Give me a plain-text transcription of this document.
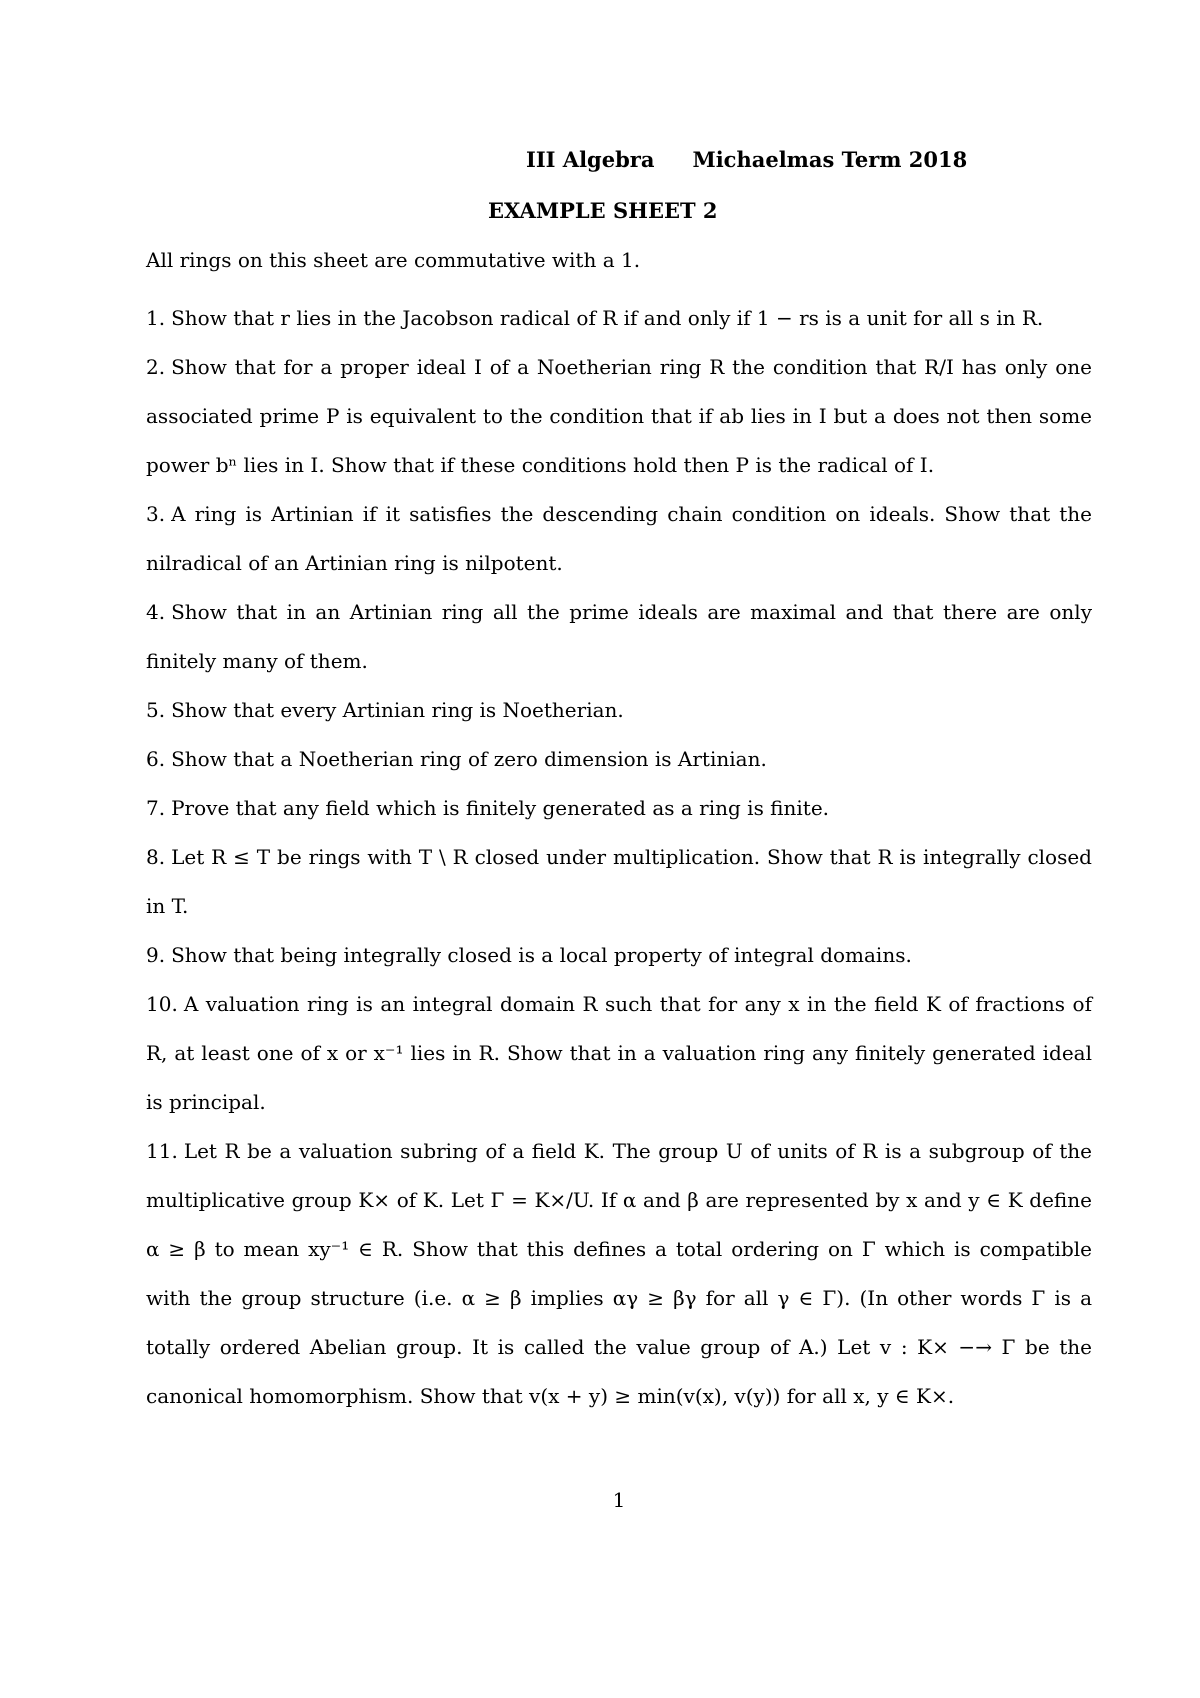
III Algebra Michaelmas Term 2018
EXAMPLE SHEET 2
All rings on this sheet are commutative with a 1.

1. Show that r lies in the Jacobson radical of R if and only if 1 − rs is a unit for all s in R.

2. Show that for a proper ideal I of a Noetherian ring R the condition that R/I has only one associated prime P is equivalent to the condition that if ab lies in I but a does not then some power bⁿ lies in I. Show that if these conditions hold then P is the radical of I.

3. A ring is Artinian if it satisfies the descending chain condition on ideals. Show that the nilradical of an Artinian ring is nilpotent.

4. Show that in an Artinian ring all the prime ideals are maximal and that there are only finitely many of them.

5. Show that every Artinian ring is Noetherian.

6. Show that a Noetherian ring of zero dimension is Artinian.

7. Prove that any field which is finitely generated as a ring is finite.

8. Let R ≤ T be rings with T \ R closed under multiplication. Show that R is integrally closed in T.

9. Show that being integrally closed is a local property of integral domains.

10. A valuation ring is an integral domain R such that for any x in the field K of fractions of R, at least one of x or x⁻¹ lies in R. Show that in a valuation ring any finitely generated ideal is principal.

11. Let R be a valuation subring of a field K. The group U of units of R is a subgroup of the multiplicative group K× of K. Let Γ = K×/U. If α and β are represented by x and y ∈ K define α ≥ β to mean xy⁻¹ ∈ R. Show that this defines a total ordering on Γ which is compatible with the group structure (i.e. α ≥ β implies αγ ≥ βγ for all γ ∈ Γ). (In other words Γ is a totally ordered Abelian group. It is called the value group of A.) Let v : K× −→ Γ be the canonical homomorphism. Show that v(x + y) ≥ min(v(x), v(y)) for all x, y ∈ K×.

1
